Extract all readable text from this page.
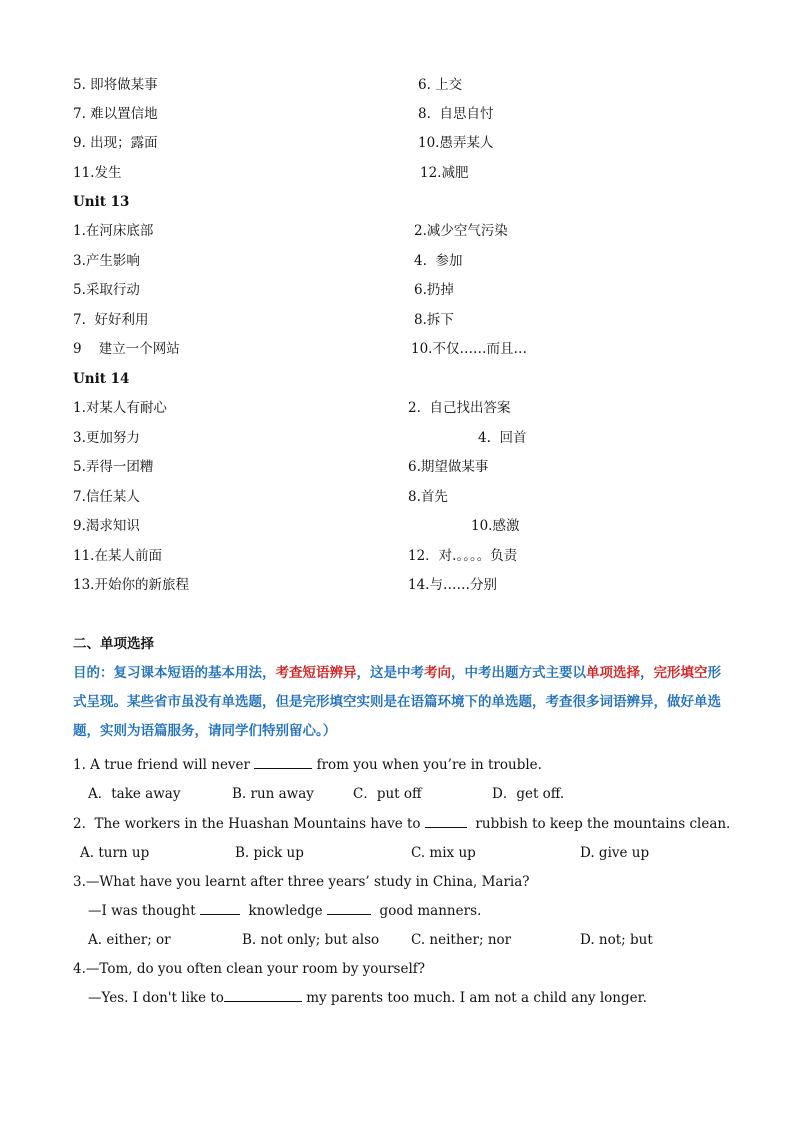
5. 即将做某事	6. 上交
7. 难以置信地	8.  自思自忖
9. 出现；露面	10.愚弄某人
11.发生	12.减肥
Unit 13
1.在河床底部	2.减少空气污染
3.产生影响	4.  参加
5.采取行动	6.扔掉
7.  好好利用	8.拆下
9    建立一个网站	10.不仅……而且…
Unit 14
1.对某人有耐心	2.  自己找出答案
3.更加努力	4.  回首
5.弄得一团糟	6.期望做某事
7.信任某人	8.首先
9.渴求知识	10.感激
11.在某人前面	12．对.。。。。负责
13.开始你的新旅程	14.与……分别
二、单项选择
目的：复习课本短语的基本用法，考查短语辨异，这是中考考向，中考出题方式主要以单项选择，完形填空形式呈现。某些省市虽没有单选题，但是完形填空实则是在语篇环境下的单选题，考查很多词语辨异，做好单选题，实则为语篇服务，请同学们特别留心。）
1. A true friend will never	from you when you’re in trouble.
A．take away	B. run away	C．put off	D．get off.
2.  The workers in the Huashan Mountains have to	rubbish to keep the mountains clean.
A. turn up	B. pick up	C. mix up	D. give up
3.—What have you learnt after three years’ study in China, Maria?
—I was thought	knowledge	good manners.
A. either; or	B. not only; but also C. neither; nor	D. not; but
4.—Tom, do you often clean your room by yourself?
—Yes. I don't like to	my parents too much. I am not a child any longer.
